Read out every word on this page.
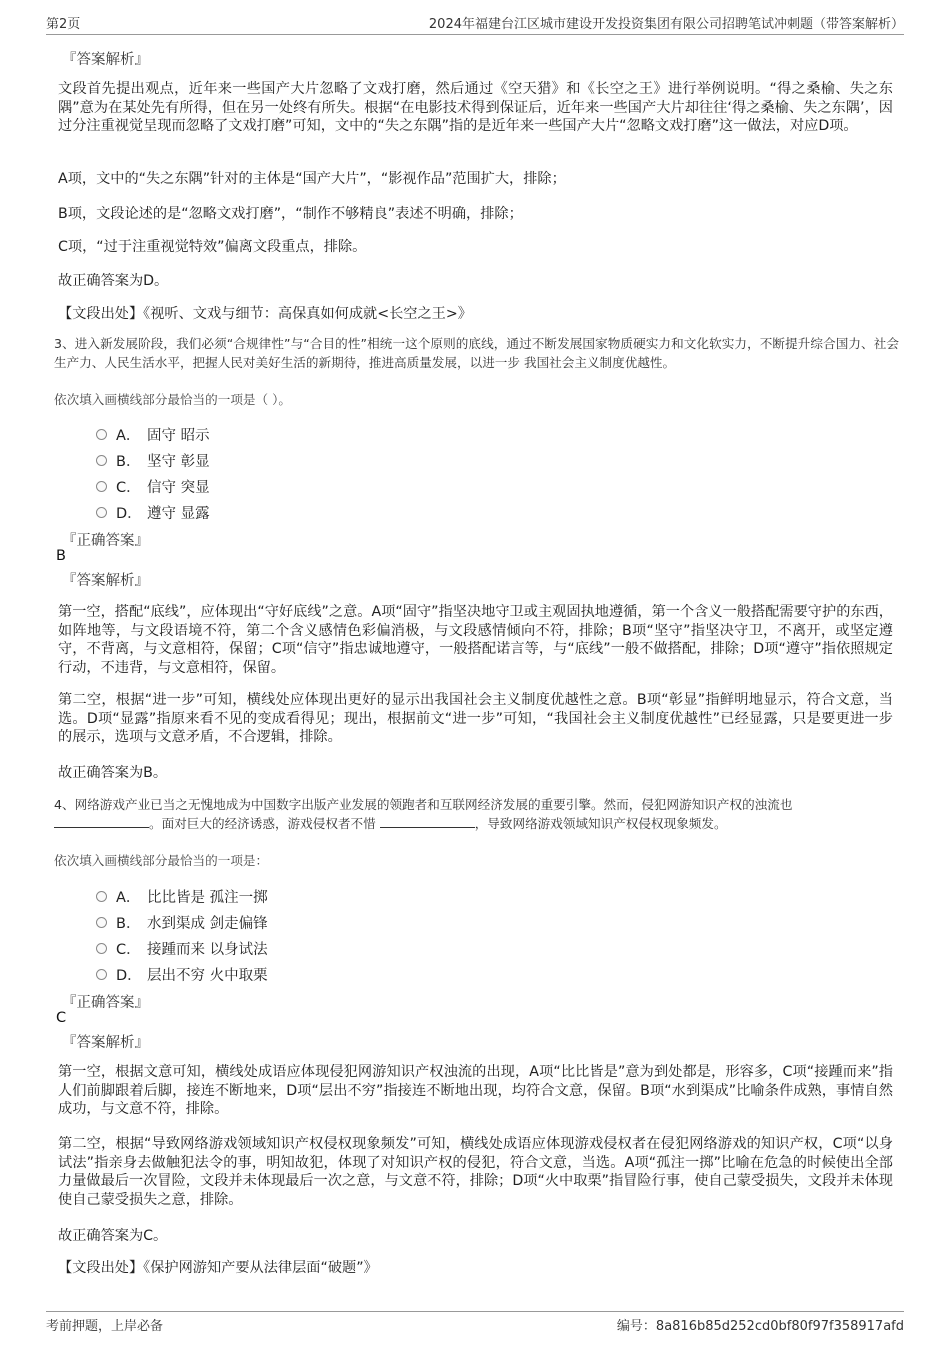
第2页	2024年福建台江区城市建设开发投资集团有限公司招聘笔试冲刺题（带答案解析）
『答案解析』
文段首先提出观点，近年来一些国产大片忽略了文戏打磨，然后通过《空天猎》和《长空之王》进行举例说明。“得之桑榆、失之东隅”意为在某处先有所得，但在另一处终有所失。根据“在电影技术得到保证后，近年来一些国产大片却往往‘得之桑榆、失之东隅’，因过分注重视觉呈现而忽略了文戏打磨”可知，文中的“失之东隅”指的是近年来一些国产大片“忽略文戏打磨”这一做法，对应D项。
A项，文中的“失之东隅”针对的主体是“国产大片”，“影视作品”范围扩大，排除；
B项，文段论述的是“忽略文戏打磨”，“制作不够精良”表述不明确，排除；
C项，“过于注重视觉特效”偏离文段重点，排除。
故正确答案为D。
【文段出处】《视听、文戏与细节：高保真如何成就<长空之王>》
3、进入新发展阶段，我们必须“合规律性”与“合目的性”相统一这个原则的底线，通过不断发展国家物质硬实力和文化软实力，不断提升综合国力、社会生产力、人民生活水平，把握人民对美好生活的新期待，推进高质量发展，以进一步 我国社会主义制度优越性。
依次填入画横线部分最恰当的一项是（ ）。
A． 固守 昭示
B． 坚守 彰显
C． 信守 突显
D． 遵守 显露
『正确答案』
B
『答案解析』
第一空，搭配“底线”，应体现出“守好底线”之意。A项“固守”指坚决地守卫或主观固执地遵循，第一个含义一般搭配需要守护的东西，如阵地等，与文段语境不符，第二个含义感情色彩偏消极，与文段感情倾向不符，排除；B项“坚守”指坚决守卫，不离开，或坚定遵守，不背离，与文意相符，保留；C项“信守”指忠诚地遵守，一般搭配诺言等，与“底线”一般不做搭配，排除；D项“遵守”指依照规定行动，不违背，与文意相符，保留。
第二空，根据“进一步”可知，横线处应体现出更好的显示出我国社会主义制度优越性之意。B项“彰显”指鲜明地显示，符合文意，当选。D项“显露”指原来看不见的变成看得见；现出，根据前文“进一步”可知，“我国社会主义制度优越性”已经显露，只是要更进一步的展示，选项与文意矛盾，不合逻辑，排除。
故正确答案为B。
4、网络游戏产业已当之无愧地成为中国数字出版产业发展的领跑者和互联网经济发展的重要引擎。然而，侵犯网游知识产权的浊流也
。面对巨大的经济诱惑，游戏侵权者不惜	，导致网络游戏领域知识产权侵权现象频发。
依次填入画横线部分最恰当的一项是：
A． 比比皆是 孤注一掷
B． 水到渠成 剑走偏锋
C． 接踵而来 以身试法
D． 层出不穷 火中取栗
『正确答案』
C
『答案解析』
第一空，根据文意可知，横线处成语应体现侵犯网游知识产权浊流的出现，A项“比比皆是”意为到处都是，形容多，C项“接踵而来”指人们前脚跟着后脚，接连不断地来，D项“层出不穷”指接连不断地出现，均符合文意，保留。B项“水到渠成”比喻条件成熟，事情自然成功，与文意不符，排除。
第二空，根据“导致网络游戏领域知识产权侵权现象频发”可知，横线处成语应体现游戏侵权者在侵犯网络游戏的知识产权，C项“以身试法”指亲身去做触犯法令的事，明知故犯，体现了对知识产权的侵犯，符合文意，当选。A项“孤注一掷”比喻在危急的时候使出全部力量做最后一次冒险，文段并未体现最后一次之意，与文意不符，排除；D项“火中取栗”指冒险行事，使自己蒙受损失，文段并未体现使自己蒙受损失之意，排除。
故正确答案为C。
【文段出处】《保护网游知产要从法律层面“破题”》
考前押题，上岸必备	编号：8a816b85d252cd0bf80f97f358917afd
